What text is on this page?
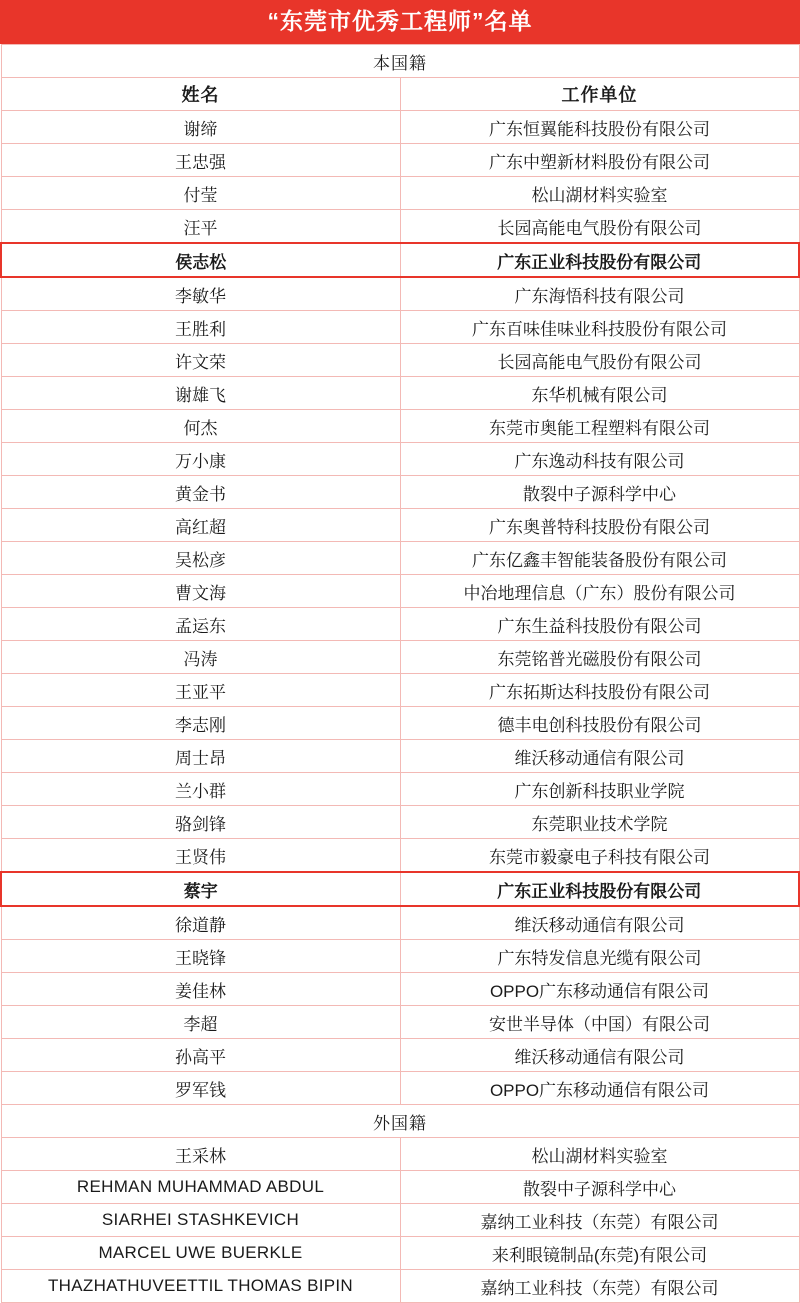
“东莞市优秀工程师”名单
本国籍	
姓名	工作单位
谢缔	广东恒翼能科技股份有限公司
王忠强	广东中塑新材料股份有限公司
付莹	松山湖材料实验室
汪平	长园高能电气股份有限公司
侯志松	广东正业科技股份有限公司
李敏华	广东海悟科技有限公司
王胜利	广东百味佳味业科技股份有限公司
许文荣	长园高能电气股份有限公司
谢雄飞	东华机械有限公司
何杰	东莞市奥能工程塑料有限公司
万小康	广东逸动科技有限公司
黄金书	散裂中子源科学中心
高红超	广东奥普特科技股份有限公司
吴松彦	广东亿鑫丰智能装备股份有限公司
曹文海	中冶地理信息（广东）股份有限公司
孟运东	广东生益科技股份有限公司
冯涛	东莞铭普光磁股份有限公司
王亚平	广东拓斯达科技股份有限公司
李志刚	德丰电创科技股份有限公司
周士昂	维沃移动通信有限公司
兰小群	广东创新科技职业学院
骆剑锋	东莞职业技术学院
王贤伟	东莞市毅豪电子科技有限公司
蔡宇	广东正业科技股份有限公司
徐道静	维沃移动通信有限公司
王晓锋	广东特发信息光缆有限公司
姜佳林	OPPO广东移动通信有限公司
李超	安世半导体（中国）有限公司
孙高平	维沃移动通信有限公司
罗军钱	OPPO广东移动通信有限公司
外国籍	
王采林	松山湖材料实验室
REHMAN MUHAMMAD ABDUL	散裂中子源科学中心
SIARHEI STASHKEVICH	嘉纳工业科技（东莞）有限公司
MARCEL UWE BUERKLE	来利眼镜制品(东莞)有限公司
THAZHATHUVEETTIL THOMAS BIPIN	嘉纳工业科技（东莞）有限公司
